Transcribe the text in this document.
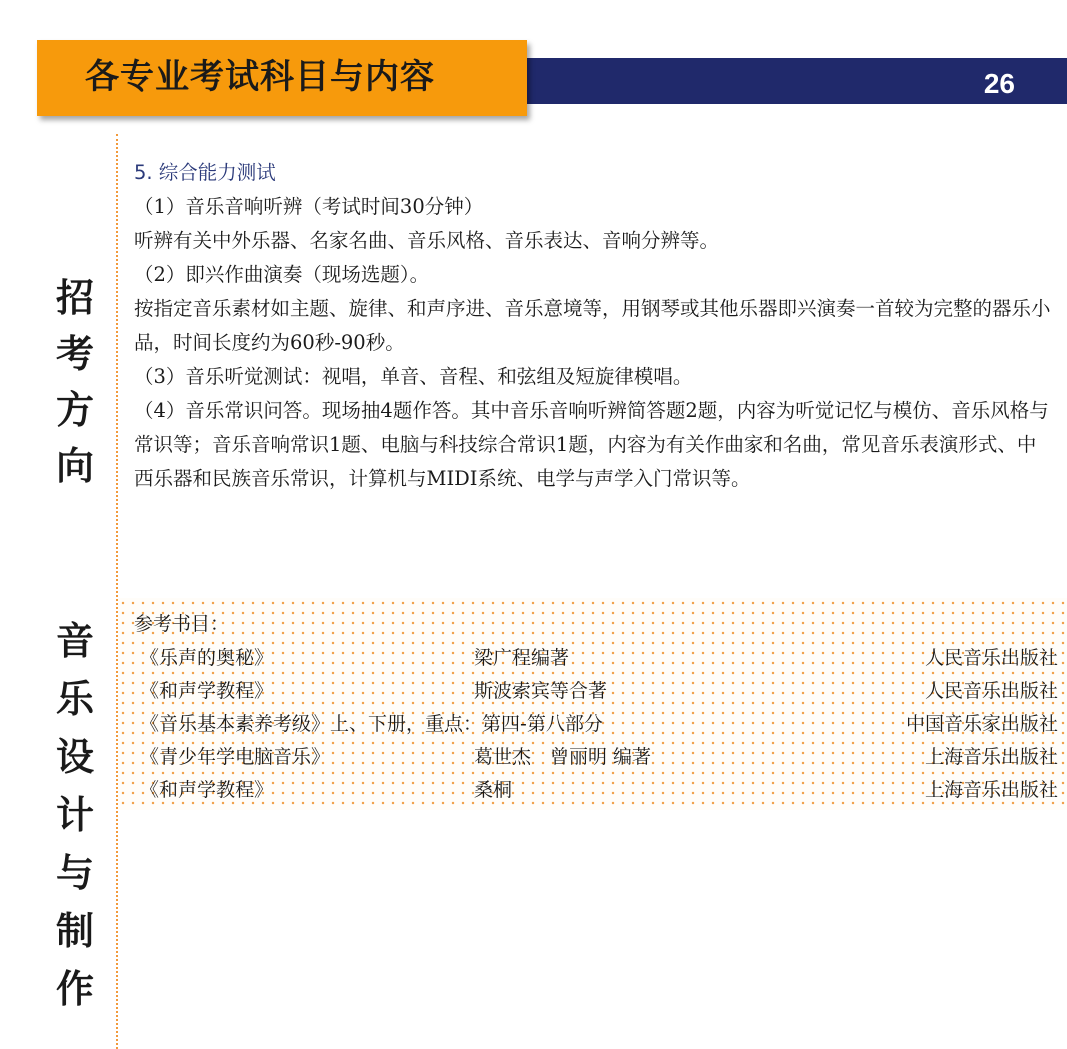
26
各专业考试科目与内容
招
考
方
向
音
乐
设
计
与
制
作

5. 综合能力测试

（1）音乐音响听辨（考试时间30分钟）

听辨有关中外乐器、名家名曲、音乐风格、音乐表达、音响分辨等。

（2）即兴作曲演奏（现场选题）。

按指定音乐素材如主题、旋律、和声序进、音乐意境等，用钢琴或其他乐器即兴演奏一首较为完整的器乐小品，时间长度约为60秒-90秒。

（3）音乐听觉测试：视唱，单音、音程、和弦组及短旋律模唱。

（4）音乐常识问答。现场抽4题作答。其中音乐音响听辨简答题2题，内容为听觉记忆与模仿、音乐风格与常识等；音乐音响常识1题、电脑与科技综合常识1题，内容为有关作曲家和名曲，常见音乐表演形式、中西乐器和民族音乐常识，计算机与MIDI系统、电学与声学入门常识等。

参考书目：
《乐声的奥秘》	梁广程编著	人民音乐出版社
《和声学教程》	斯波索宾等合著	人民音乐出版社
《音乐基本素养考级》上、下册，重点：第四-第八部分	中国音乐家出版社
《青少年学电脑音乐》	葛世杰　曾丽明 编著	上海音乐出版社
《和声学教程》	桑桐	上海音乐出版社
